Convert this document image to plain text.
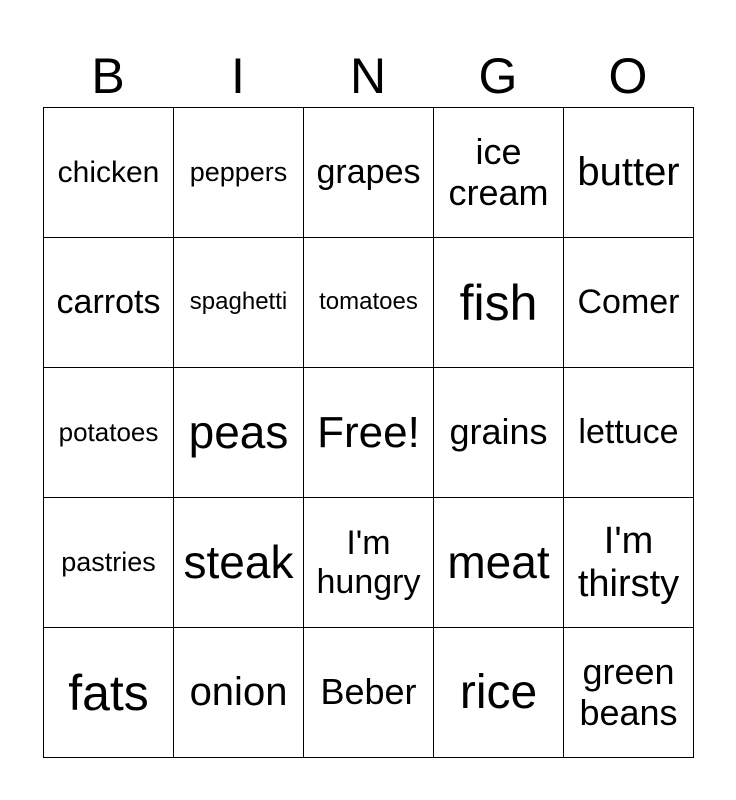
B	I	N	G	O
chicken	peppers	grapes	ice cream	butter
carrots	spaghetti	tomatoes	fish	Comer
potatoes	peas	Free!	grains	lettuce
pastries	steak	I'm hungry	meat	I'm thirsty
fats	onion	Beber	rice	green beans
